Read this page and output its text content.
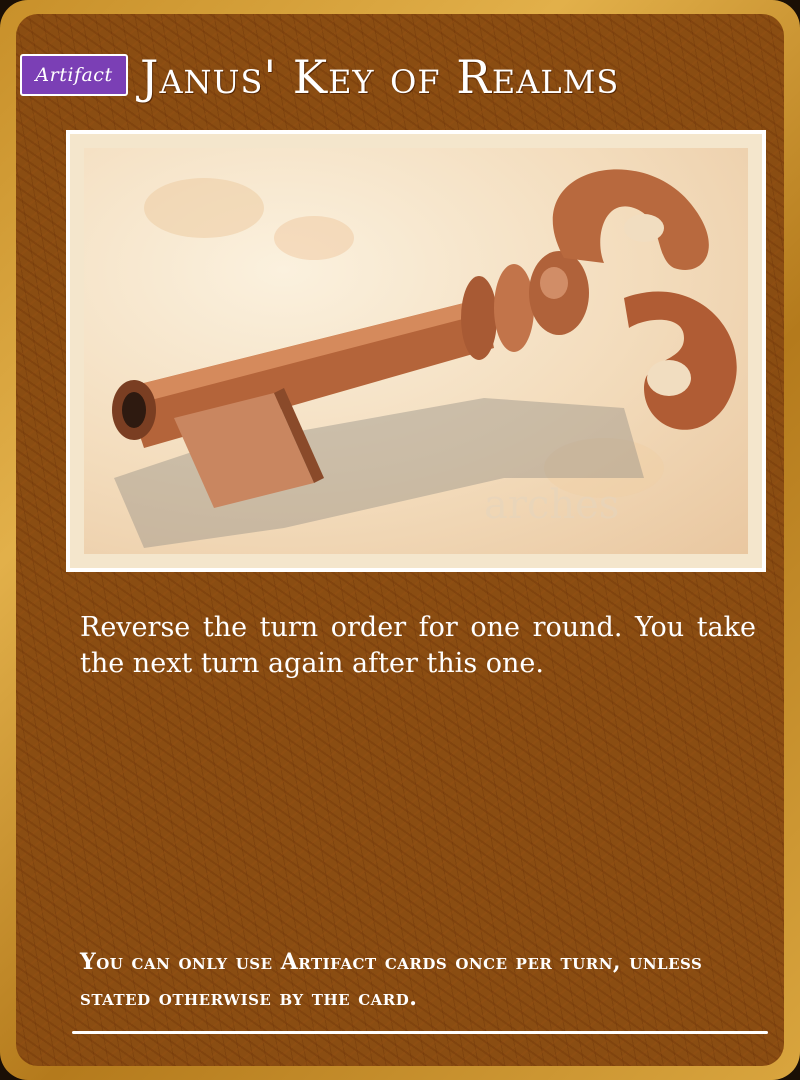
Artifact Janus' Key of Realms
arches
Reverse the turn order for one round. You take the next turn again after this one.
You can only use Artifact cards once per turn, unless stated otherwise by the card.
